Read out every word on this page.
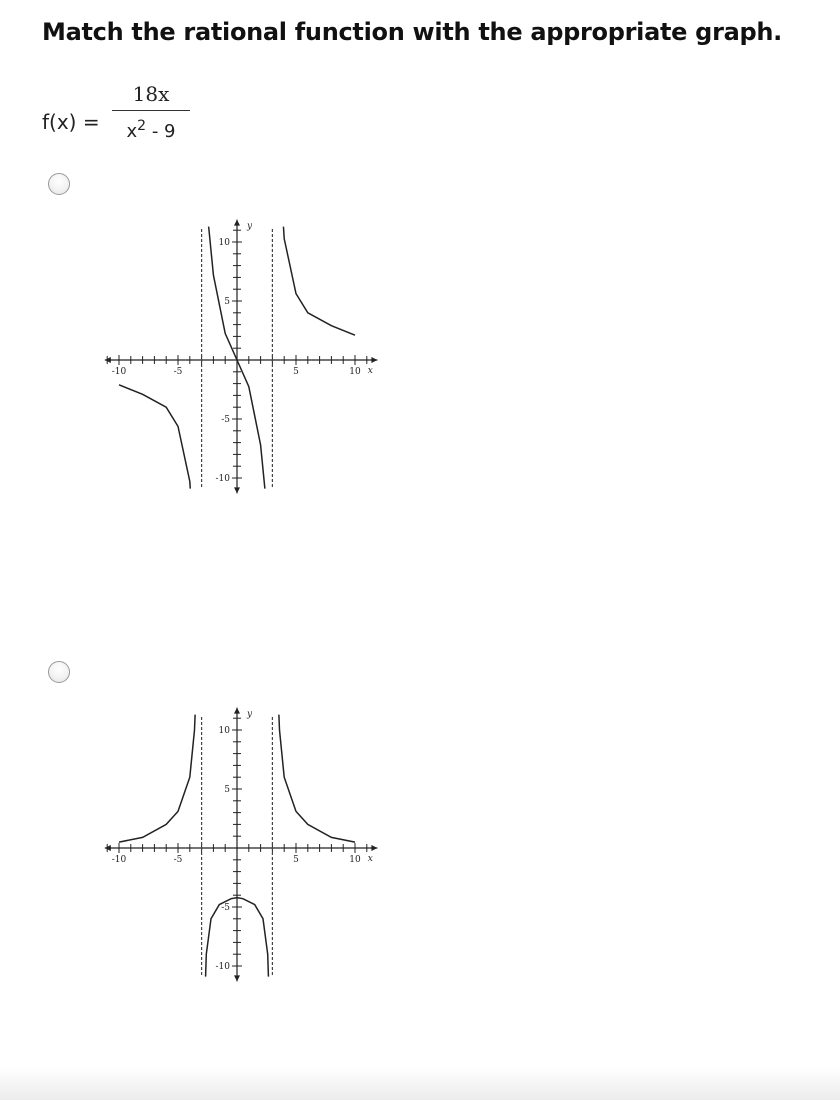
Match the rational function with the appropriate graph.
f(x) =
18x
$x^2 - 9$
-10	-5	5	10
10
5
-5
-10
x
y
-10	-5	5	10
10
5
-5
-10
x
y
